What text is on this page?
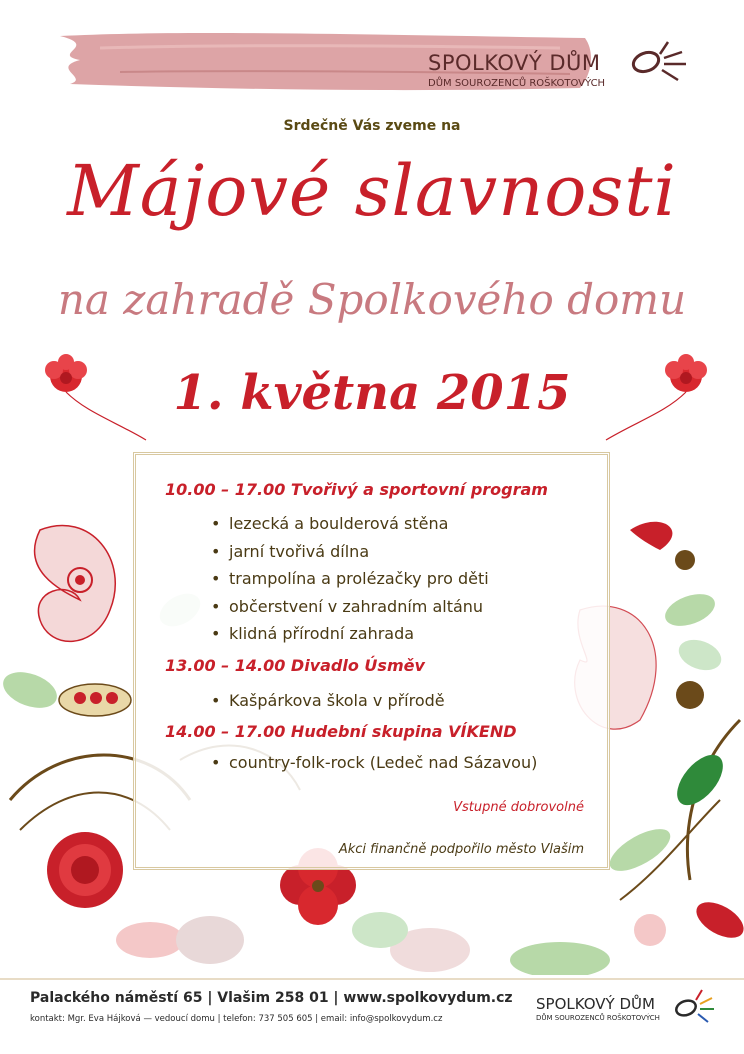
SPOLKOVÝ DŮM
DŮM SOUROZENCŮ ROŠKOTOVÝCH
Srdečně Vás zveme na
Májové slavnosti
na zahradě Spolkového domu
1. května 2015
10.00 – 17.00 Tvořivý a sportovní program
• lezecká a boulderová stěna
• jarní tvořivá dílna
• trampolína a prolézačky pro děti
• občerstvení v zahradním altánu
• klidná přírodní zahrada
13.00 – 14.00 Divadlo Úsměv
• Kašpárkova škola v přírodě
14.00 – 17.00 Hudební skupina VÍKEND
• country-folk-rock (Ledeč nad Sázavou)
Vstupné dobrovolné
Akci finančně podpořilo město Vlašim
Palackého náměstí 65 | Vlašim 258 01 | www.spolkovydum.cz
kontakt: Mgr. Eva Hájková — vedoucí domu | telefon: 737 505 605 | email: info@spolkovydum.cz
SPOLKOVÝ DŮM
DŮM SOUROZENCŮ ROŠKOTOVÝCH
